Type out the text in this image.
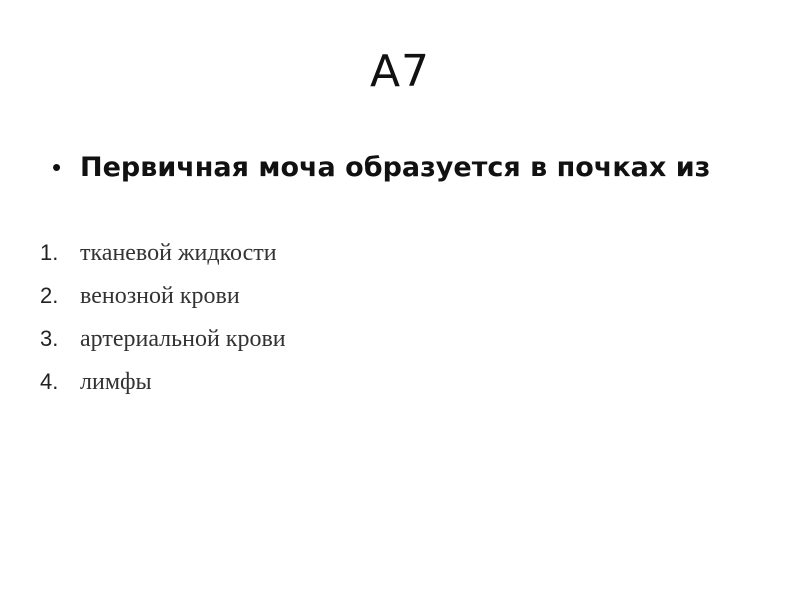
А7
• Первичная моча образуется в почках из
1. тканевой жидкости
2. венозной крови
3. артериальной крови
4. лимфы
